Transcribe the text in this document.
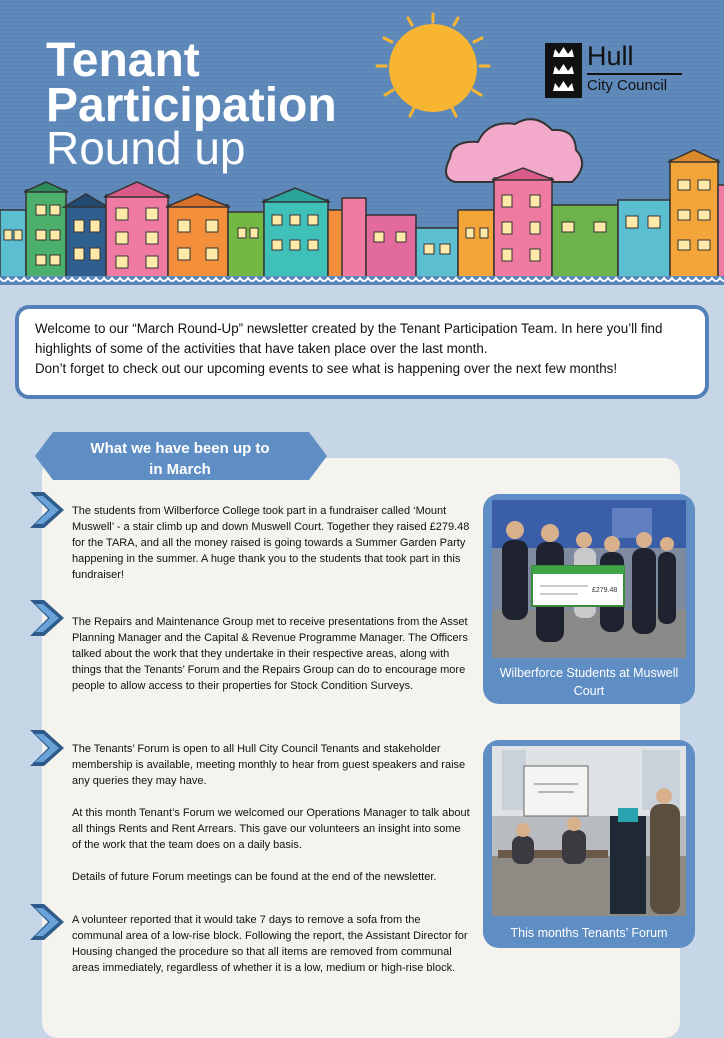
Tenant
Participation
Round up
Hull
City Council

Welcome to our “March Round-Up” newsletter created by the Tenant Participation Team. In here you’ll find highlights of some of the activities that have taken place over the last month.

Don’t forget to check out our upcoming events to see what is happening over the next few months!

What we have been up to
in March

The students from Wilberforce College took part in a fundraiser called ‘Mount Muswell’ - a stair climb up and down Muswell Court. Together they raised £279.48 for the TARA, and all the money raised is going towards a Summer Garden Party happening in the summer. A huge thank you to the students that took part in this fundraiser!

The Repairs and Maintenance Group met to receive presentations from the Asset Planning Manager and the Capital & Revenue Programme Manager. The Officers talked about the work that they undertake in their respective areas, along with things that the Tenants’ Forum and the Repairs Group can do to encourage more people to allow access to their properties for Stock Condition Surveys.

The Tenants’ Forum is open to all Hull City Council Tenants and stakeholder membership is available, meeting monthly to hear from guest speakers and raise any queries they may have.

At this month Tenant’s Forum we welcomed our Operations Manager to talk about all things Rents and Rent Arrears. This gave our volunteers an insight into some of the work that the team does on a daily basis.

Details of future Forum meetings can be found at the end of the newsletter.

A volunteer reported that it would take 7 days to remove a sofa from the communal area of a low-rise block. Following the report, the Assistant Director for Housing changed the procedure so that all items are removed from communal areas immediately, regardless of whether it is a low, medium or high-rise block.

£279.48
Wilberforce Students at Muswell Court
This months Tenants’ Forum
